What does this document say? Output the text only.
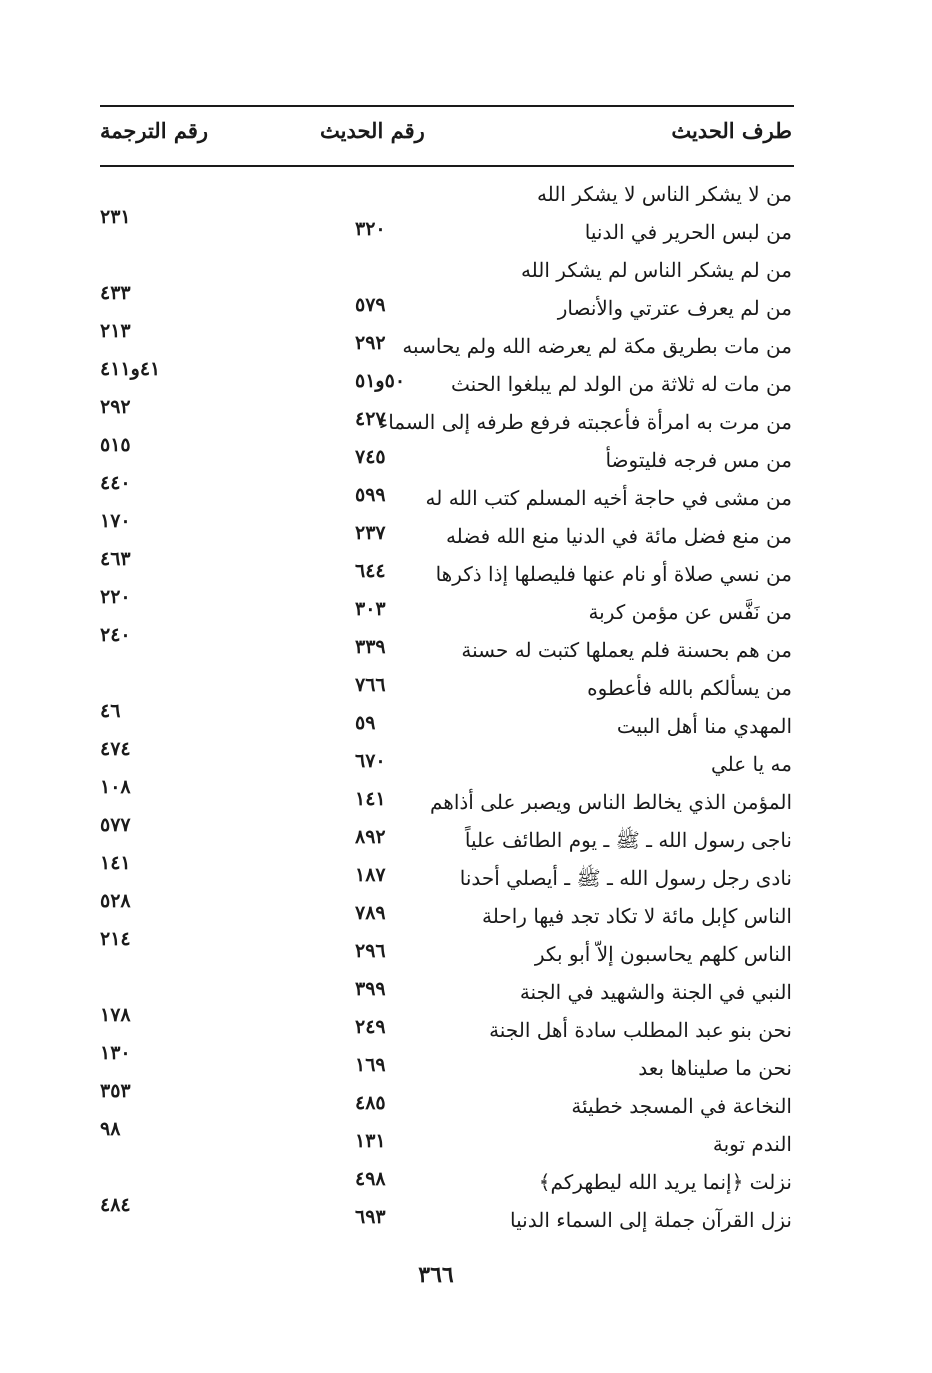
طرف الحديث
رقم الحديث
رقم الترجمة
من لا يشكر الناس لا يشكر الله
من لبس الحرير في الدنيا
٣٢٠
٢٣١
من لم يشكر الناس لم يشكر الله
من لم يعرف عترتي والأنصار
٥٧٩
٤٣٣
من مات بطريق مكة لم يعرضه الله ولم يحاسبه
٢٩٢
٢١٣
من مات له ثلاثة من الولد لم يبلغوا الحنث
٥٠و٥١
٤١و٤١١
من مرت به امرأة فأعجبته فرفع طرفه إلى السماء
٤٢٧
٢٩٢
من مس فرجه فليتوضأ
٧٤٥
٥١٥
من مشى في حاجة أخيه المسلم كتب الله له
٥٩٩
٤٤٠
من منع فضل مائة في الدنيا منع الله فضله
٢٣٧
١٧٠
من نسي صلاة أو نام عنها فليصلها إذا ذكرها
٦٤٤
٤٦٣
من نَفَّس عن مؤمن كربة
٣٠٣
٢٢٠
من هم بحسنة فلم يعملها كتبت له حسنة
٣٣٩
٢٤٠
من يسألكم بالله فأعطوه
٧٦٦
المهدي منا أهل البيت
٥٩
٤٦
مه يا علي
٦٧٠
٤٧٤
المؤمن الذي يخالط الناس ويصبر على أذاهم
١٤١
١٠٨
ناجى رسول الله ـ ﷺ ـ يوم الطائف علياً
٨٩٢
٥٧٧
نادى رجل رسول الله ـ ﷺ ـ أيصلي أحدنا
١٨٧
١٤١
الناس كإبل مائة لا تكاد تجد فيها راحلة
٧٨٩
٥٢٨
الناس كلهم يحاسبون إلاّ أبو بكر
٢٩٦
٢١٤
النبي في الجنة والشهيد في الجنة
٣٩٩
نحن بنو عبد المطلب سادة أهل الجنة
٢٤٩
١٧٨
نحن ما صليناها بعد
١٦٩
١٣٠
النخاعة في المسجد خطيئة
٤٨٥
٣٥٣
الندم توبة
١٣١
٩٨
نزلت ﴿إنما يريد الله ليطهركم﴾
٤٩٨
نزل القرآن جملة إلى السماء الدنيا
٦٩٣
٤٨٤
٣٦٦
